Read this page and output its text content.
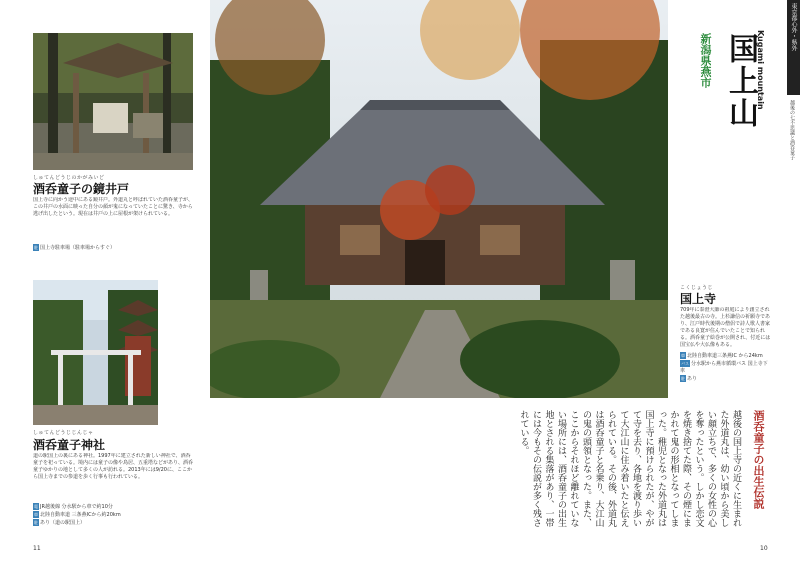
しゅてんどうじのかがみいど
酒呑童子の鏡井戸
国上寺に向かう途中にある鏡井戸。外道丸と呼ばれていた酒呑童子が、この井戸の水面に映った自分の顔が鬼になっていたことに驚き、寺から逃げ出したという。現在は井戸の上に屋根が架けられている。
駐 国上寺駐車場（駐車場からすぐ）
しゅてんどうじじんじゃ
酒呑童子神社
道の駅国上の裏にある神社。1997年に建立された新しい神社で、酒呑童子を祀っている。境内には童子の像や鳥居、五重塔などがあり、酒呑童子ゆかりの地として多くの人が訪れる。2013年には9/20に、ここから国上寺までの参道を歩く行事も行われている。
電 JR越後線 分水駅から車で約10分
車 北陸自動車道 三条燕ICから約20km
駐 あり（道の駅国上）
11
東京都心外・県外
越後の七不思議と酒呑童子
国上山
Kugami mountain
新潟県燕市
こくじょうじ
国上寺
709年に泰澄大師の祖庭により創立された越後最古の寺。上杉謙信の祈願寺であり、江戸時代後期の僧侶で詩人歌人書家である良寛が住んでいたことで知られる。酒呑童子絵巻が公開され、付近には国宝仏や大仏像もある。
車 北陸自動車道三条燕IC から24km
バス 分水駅から燕市循環バス 国上寺下車
駐 あり
酒呑童子の出生伝説
越後の国上寺の近くに生まれた外道丸は、幼い頃から美しい顔立ちで、多くの女性の心を奪ったという。しかし恋文を焼き捨てた際、その煙にまかれて鬼の形相となってしまった。稚児となった外道丸は国上寺に預けられたが、やがて寺を去り、各地を渡り歩いて大江山に住み着いたと伝えられている。その後、外道丸は酒呑童子と名乗り、大江山の鬼の頭領となった。また、ここからそれほど離れていない場所には、酒呑童子の出生地とされる集落があり、一帯には今もその伝説が多く残されている。
10
